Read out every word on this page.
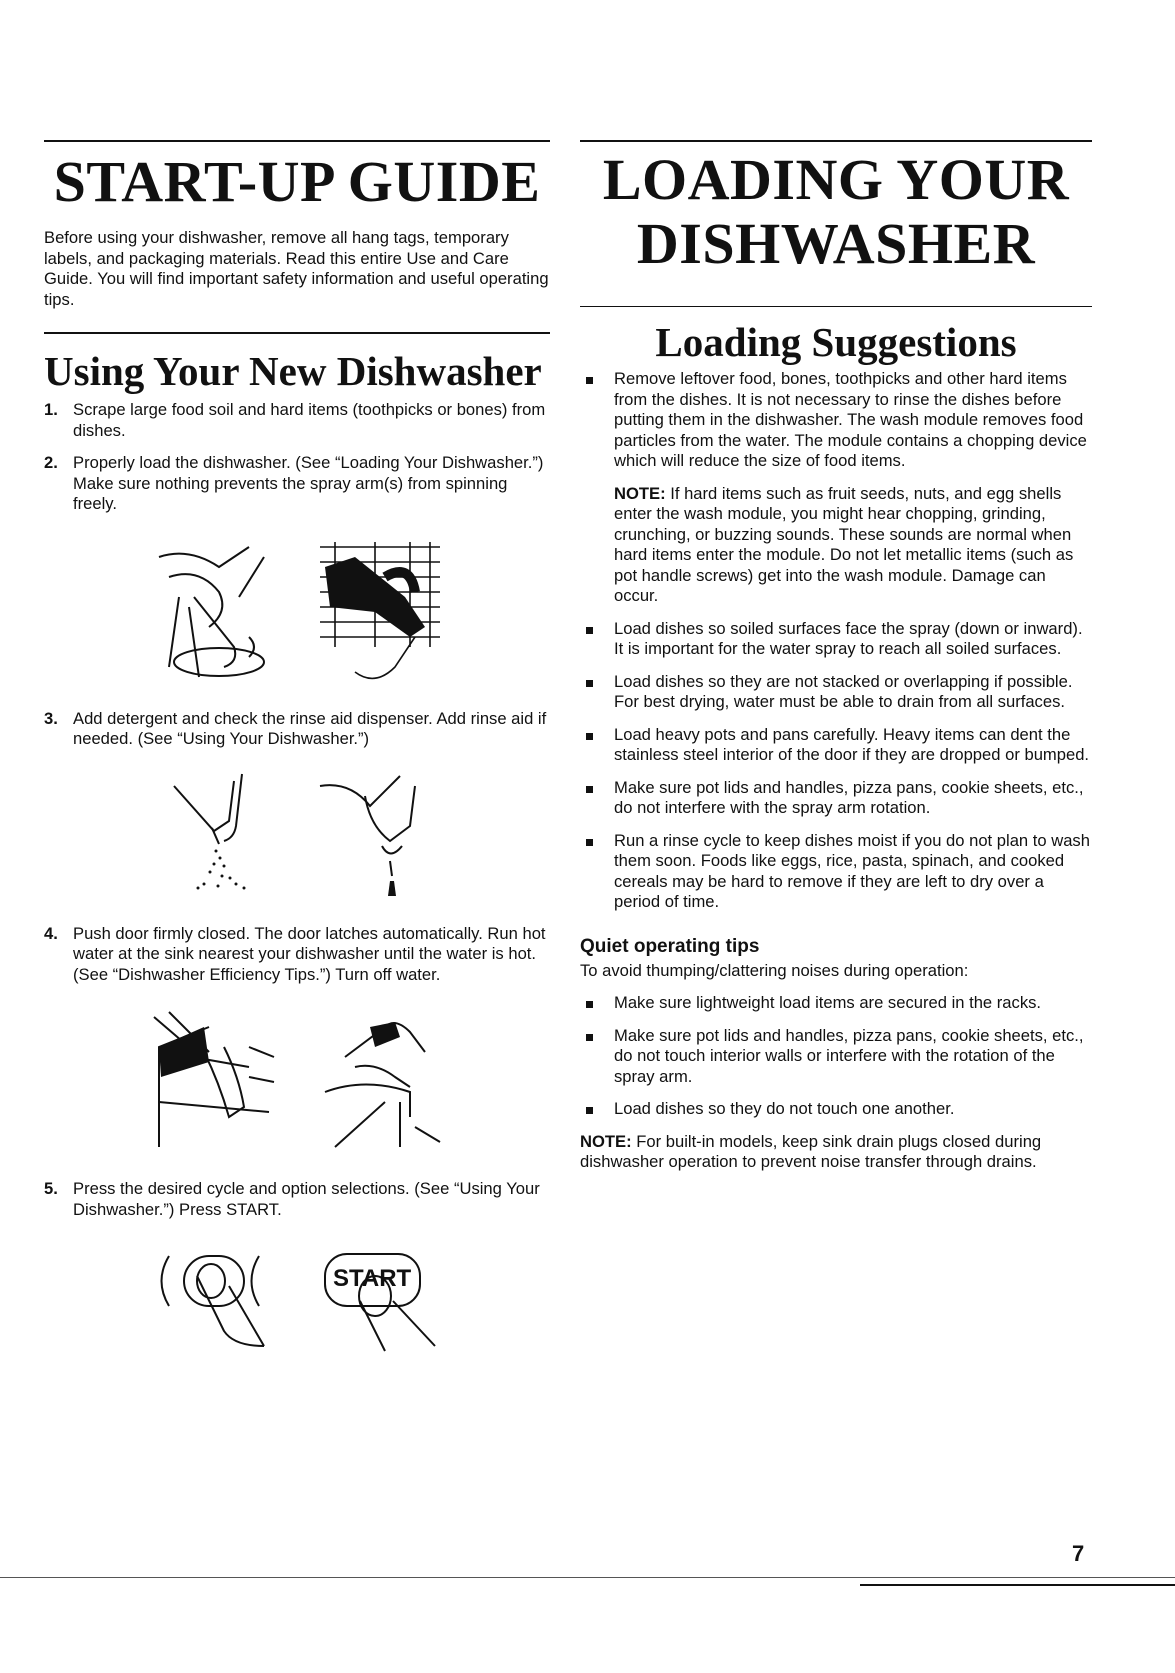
START-UP GUIDE

Before using your dishwasher, remove all hang tags, temporary labels, and packaging materials. Read this entire Use and Care Guide. You will find important safety information and useful operating tips.

Using Your New Dishwasher
1. Scrape large food soil and hard items (toothpicks or bones) from dishes.
2. Properly load the dishwasher. (See “Loading Your Dishwasher.”) Make sure nothing prevents the spray arm(s) from spinning freely.
3. Add detergent and check the rinse aid dispenser. Add rinse aid if needed. (See “Using Your Dishwasher.”)
4. Push door firmly closed. The door latches automatically. Run hot water at the sink nearest your dishwasher until the water is hot. (See “Dishwasher Efficiency Tips.”) Turn off water.
5. Press the desired cycle and option selections. (See “Using Your Dishwasher.”) Press START.
START
LOADING YOUR
DISHWASHER
Loading Suggestions
Remove leftover food, bones, toothpicks and other hard items from the dishes. It is not necessary to rinse the dishes before putting them in the dishwasher. The wash module removes food particles from the water. The module contains a chopping device which will reduce the size of food items.

NOTE: If hard items such as fruit seeds, nuts, and egg shells enter the wash module, you might hear chopping, grinding, crunching, or buzzing sounds. These sounds are normal when hard items enter the module. Do not let metallic items (such as pot handle screws) get into the wash module. Damage can occur.

Load dishes so soiled surfaces face the spray (down or inward). It is important for the water spray to reach all soiled surfaces.
Load dishes so they are not stacked or overlapping if possible. For best drying, water must be able to drain from all surfaces.
Load heavy pots and pans carefully. Heavy items can dent the stainless steel interior of the door if they are dropped or bumped.
Make sure pot lids and handles, pizza pans, cookie sheets, etc., do not interfere with the spray arm rotation.
Run a rinse cycle to keep dishes moist if you do not plan to wash them soon. Foods like eggs, rice, pasta, spinach, and cooked cereals may be hard to remove if they are left to dry over a period of time.
Quiet operating tips

To avoid thumping/clattering noises during operation:

Make sure lightweight load items are secured in the racks.
Make sure pot lids and handles, pizza pans, cookie sheets, etc., do not touch interior walls or interfere with the rotation of the spray arm.
Load dishes so they do not touch one another.

NOTE: For built-in models, keep sink drain plugs closed during dishwasher operation to prevent noise transfer through drains.

7
